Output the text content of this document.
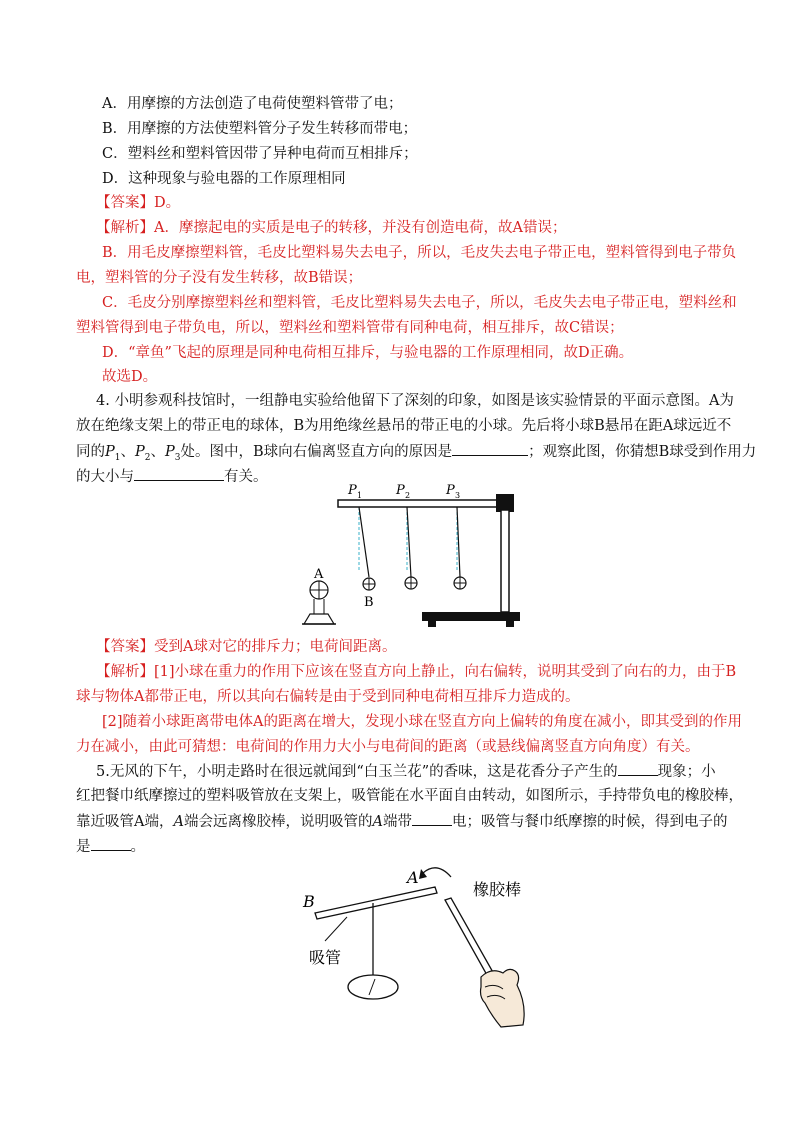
A．用摩擦的方法创造了电荷使塑料管带了电；
B．用摩擦的方法使塑料管分子发生转移而带电；
C．塑料丝和塑料管因带了异种电荷而互相排斥；
D．这种现象与验电器的工作原理相同
【答案】D。
【解析】A．摩擦起电的实质是电子的转移，并没有创造电荷，故A错误；
B．用毛皮摩擦塑料管，毛皮比塑料易失去电子，所以，毛皮失去电子带正电，塑料管得到电子带负
电，塑料管的分子没有发生转移，故B错误；
C．毛皮分别摩擦塑料丝和塑料管，毛皮比塑料易失去电子，所以，毛皮失去电子带正电，塑料丝和
塑料管得到电子带负电，所以，塑料丝和塑料管带有同种电荷，相互排斥，故C错误；
D．“章鱼”飞起的原理是同种电荷相互排斥，与验电器的工作原理相同，故D正确。
故选D。
4. 小明参观科技馆时，一组静电实验给他留下了深刻的印象，如图是该实验情景的平面示意图。A为
放在绝缘支架上的带正电的球体，B为用绝缘丝悬吊的带正电的小球。先后将小球B悬吊在距A球远近不
同的$P_1$、$P_2$、$P_3$处。图中，B球向右偏离竖直方向的原因是	；观察此图，你猜想B球受到作用力
的大小与	有关。
P 1	P 2	P 3
B
A
【答案】受到A球对它的排斥力；电荷间距离。
【解析】[1]小球在重力的作用下应该在竖直方向上静止，向右偏转，说明其受到了向右的力，由于B
球与物体A都带正电，所以其向右偏转是由于受到同种电荷相互排斥力造成的。
[2]随着小球距离带电体A的距离在增大，发现小球在竖直方向上偏转的角度在减小，即其受到的作用
力在减小，由此可猜想：电荷间的作用力大小与电荷间的距离（或悬线偏离竖直方向角度）有关。
5.无风的下午，小明走路时在很远就闻到“白玉兰花”的香味，这是花香分子产生的	现象；小
红把餐巾纸摩擦过的塑料吸管放在支架上，吸管能在水平面自由转动，如图所示，手持带负电的橡胶棒，
靠近吸管A端，A端会远离橡胶棒，说明吸管的A端带	电；吸管与餐巾纸摩擦的时候，得到电子的
是	。
B
A
吸管
橡胶棒
